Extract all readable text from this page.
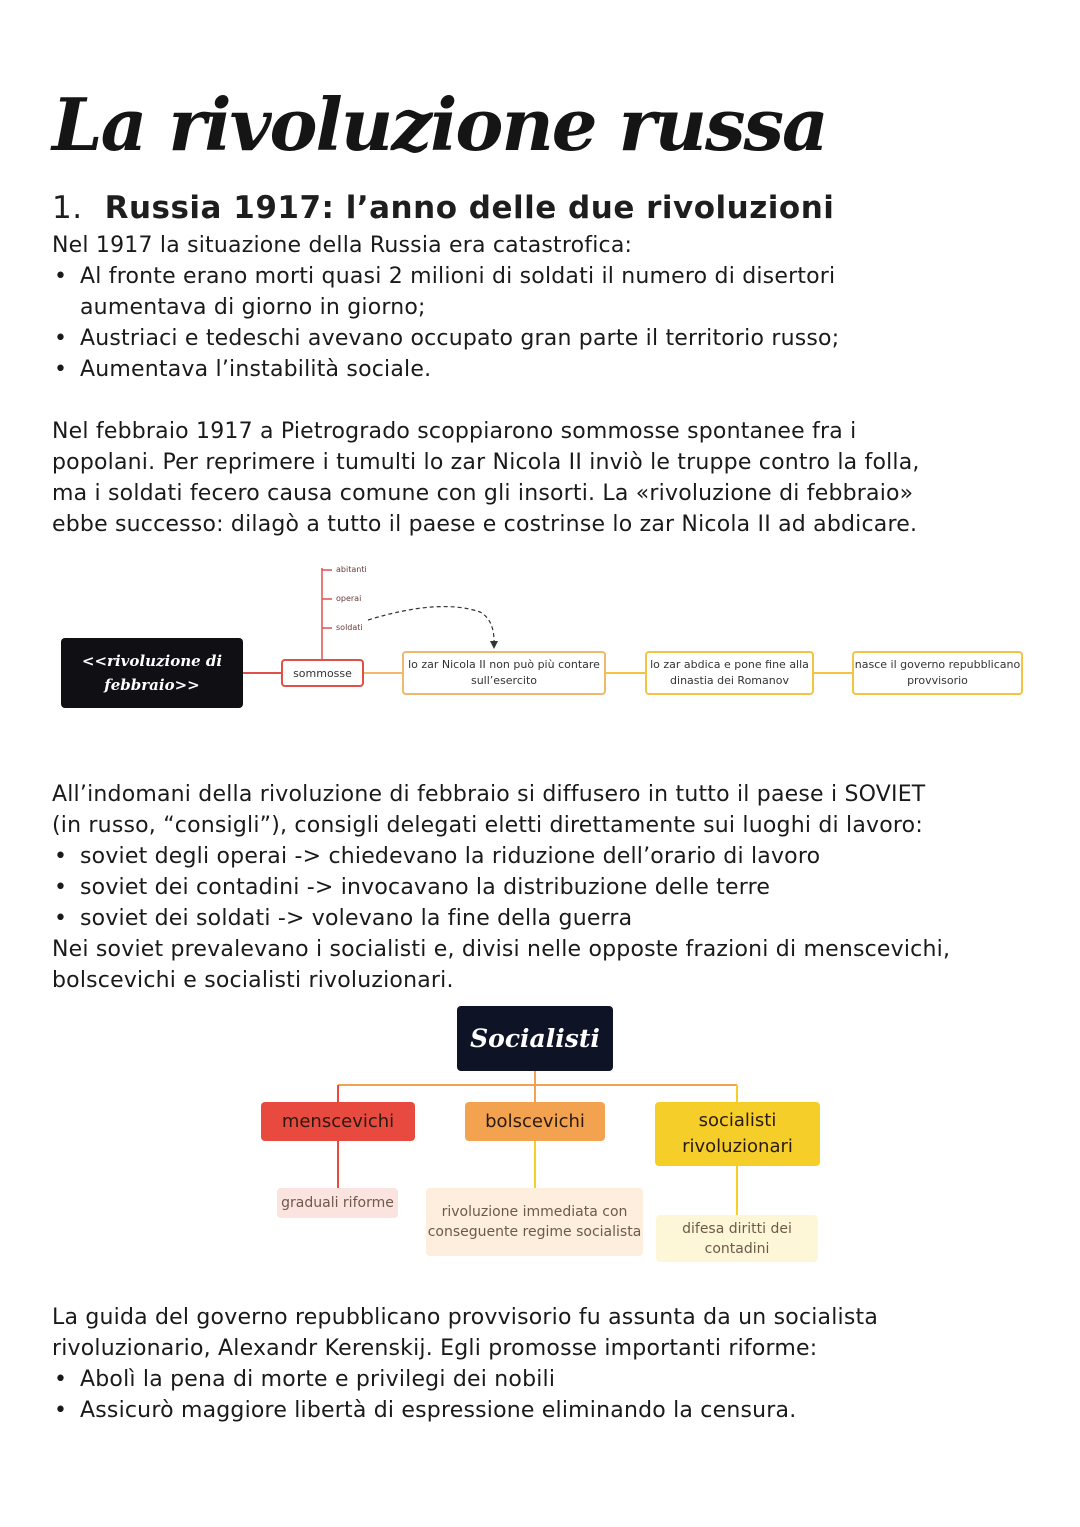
La rivoluzione russa
1. Russia 1917: l’anno delle due rivoluzioni

Nel 1917 la situazione della Russia era catastrofica:

• Al fronte erano morti quasi 2 milioni di soldati il numero di disertori
aumentava di giorno in giorno;
• Austriaci e tedeschi avevano occupato gran parte il territorio russo;
• Aumentava l’instabilità sociale.

Nel febbraio 1917 a Pietrogrado scoppiarono sommosse spontanee fra i

popolani. Per reprimere i tumulti lo zar Nicola II inviò le truppe contro la folla,

ma i soldati fecero causa comune con gli insorti. La «rivoluzione di febbraio»

ebbe successo: dilagò a tutto il paese e costrinse lo zar Nicola II ad abdicare.

abitanti
operai
soldati
<<rivoluzione di febbraio>>
sommosse
lo zar Nicola II non può più contare sull’esercito
lo zar abdica e pone fine alla dinastia dei Romanov
nasce il governo repubblicano provvisorio

All’indomani della rivoluzione di febbraio si diffusero in tutto il paese i SOVIET

(in russo, “consigli”), consigli delegati eletti direttamente sui luoghi di lavoro:

• soviet degli operai -> chiedevano la riduzione dell’orario di lavoro
• soviet dei contadini -> invocavano la distribuzione delle terre
• soviet dei soldati -> volevano la fine della guerra

Nei soviet prevalevano i socialisti e, divisi nelle opposte frazioni di menscevichi,

bolscevichi e socialisti rivoluzionari.

Socialisti
menscevichi	bolscevichi	socialisti rivoluzionari
graduali riforme
rivoluzione immediata con conseguente regime socialista	difesa diritti dei contadini

La guida del governo repubblicano provvisorio fu assunta da un socialista

rivoluzionario, Alexandr Kerenskij. Egli promosse importanti riforme:

• Abolì la pena di morte e privilegi dei nobili
• Assicurò maggiore libertà di espressione eliminando la censura.
